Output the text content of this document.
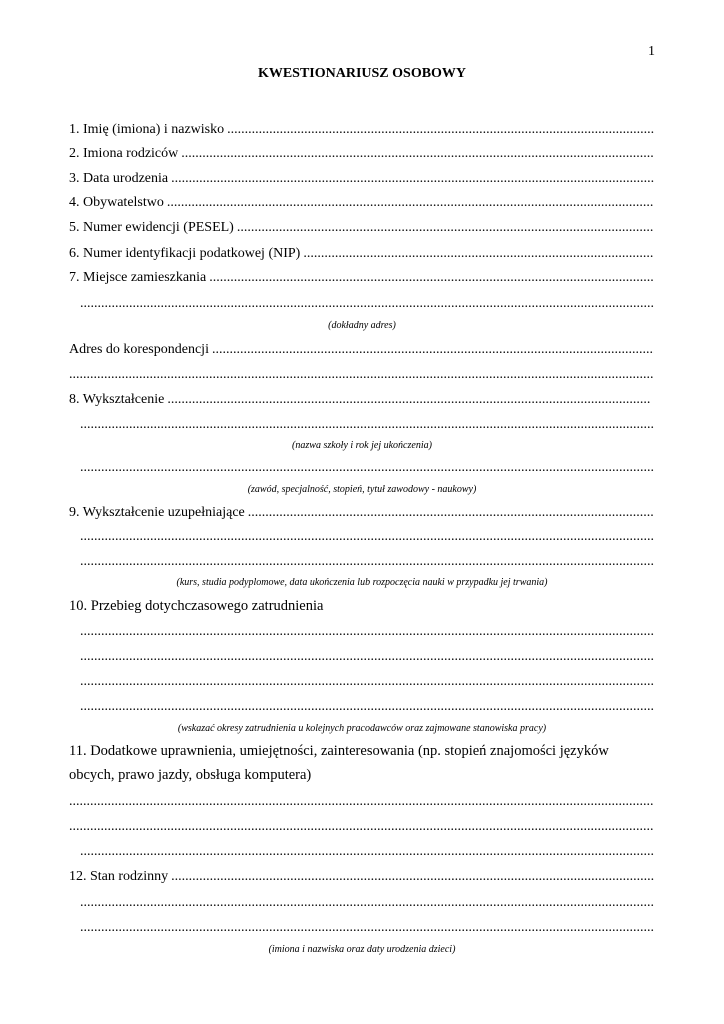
1
KWESTIONARIUSZ OSOBOWY
1. Imię (imiona) i nazwisko
.....
2. Imiona rodziców
.....
3. Data urodzenia
.....
4. Obywatelstwo
.....
5. Numer ewidencji (PESEL)
.....
6. Numer identyfikacji podatkowej (NIP)
.....
7. Miejsce zamieszkania
.....
.....
(dokładny adres)
Adres do korespondencji
.....
.....
8. Wykształcenie
.....
.....
(nazwa szkoły i rok jej ukończenia)
.....
(zawód, specjalność, stopień, tytuł zawodowy - naukowy)
9. Wykształcenie uzupełniające
.....
.....
.....
(kurs, studia podyplomowe, data ukończenia lub rozpoczęcia nauki w przypadku jej trwania)
10. Przebieg dotychczasowego zatrudnienia
.....
.....
.....
.....
(wskazać okresy zatrudnienia u kolejnych pracodawców oraz zajmowane stanowiska pracy)
11. Dodatkowe uprawnienia, umiejętności, zainteresowania (np. stopień znajomości języków
obcych, prawo jazdy, obsługa komputera)
.....
.....
.....
12. Stan rodzinny
.....
.....
.....
(imiona i nazwiska oraz daty urodzenia dzieci)
